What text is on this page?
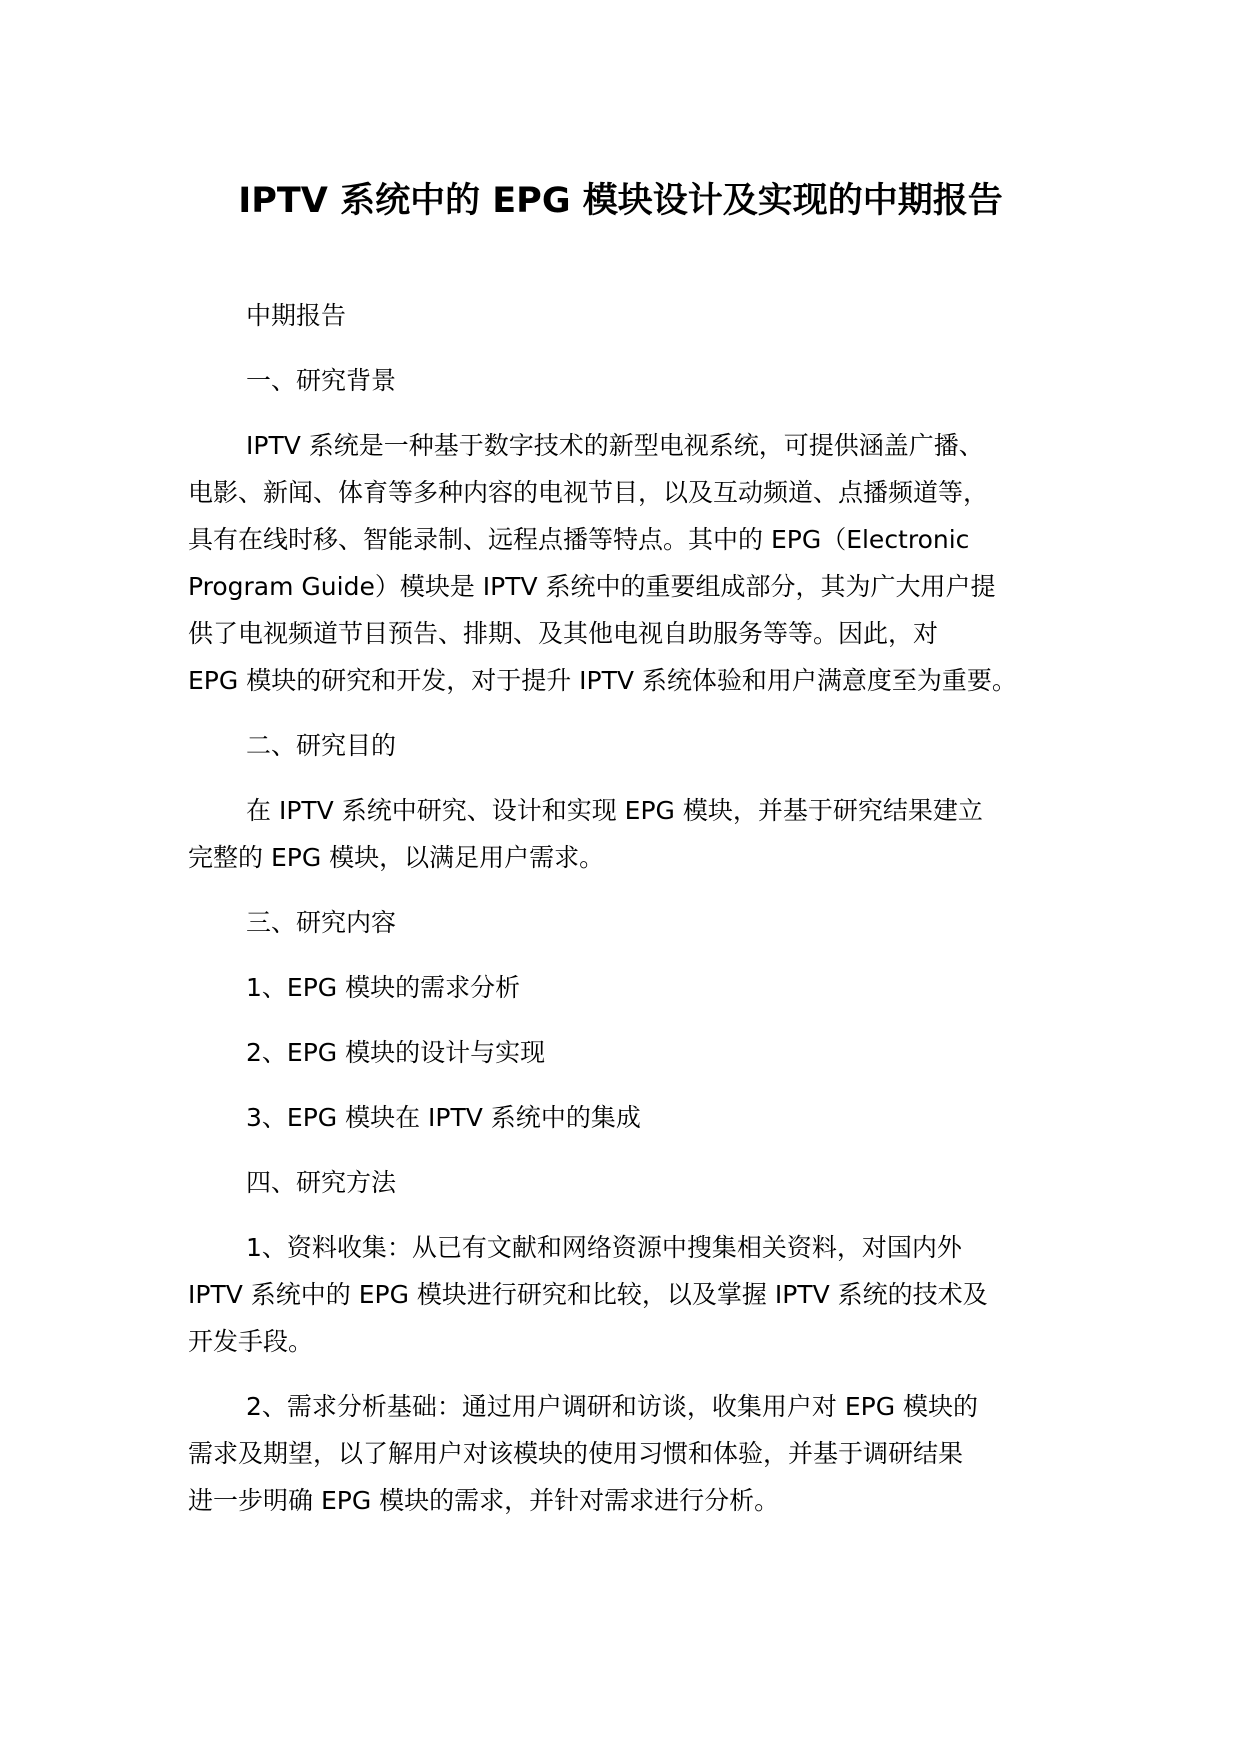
IPTV 系统中的 EPG 模块设计及实现的中期报告
中期报告
一、研究背景
IPTV 系统是一种基于数字技术的新型电视系统，可提供涵盖广播、
电影、新闻、体育等多种内容的电视节目，以及互动频道、点播频道等，
具有在线时移、智能录制、远程点播等特点。其中的 EPG（Electronic
Program Guide）模块是 IPTV 系统中的重要组成部分，其为广大用户提
供了电视频道节目预告、排期、及其他电视自助服务等等。因此，对
EPG 模块的研究和开发，对于提升 IPTV 系统体验和用户满意度至为重要。
二、研究目的
在 IPTV 系统中研究、设计和实现 EPG 模块，并基于研究结果建立
完整的 EPG 模块，以满足用户需求。
三、研究内容
1、EPG 模块的需求分析
2、EPG 模块的设计与实现
3、EPG 模块在 IPTV 系统中的集成
四、研究方法
1、资料收集：从已有文献和网络资源中搜集相关资料，对国内外
IPTV 系统中的 EPG 模块进行研究和比较，以及掌握 IPTV 系统的技术及
开发手段。
2、需求分析基础：通过用户调研和访谈，收集用户对 EPG 模块的
需求及期望，以了解用户对该模块的使用习惯和体验，并基于调研结果
进一步明确 EPG 模块的需求，并针对需求进行分析。
